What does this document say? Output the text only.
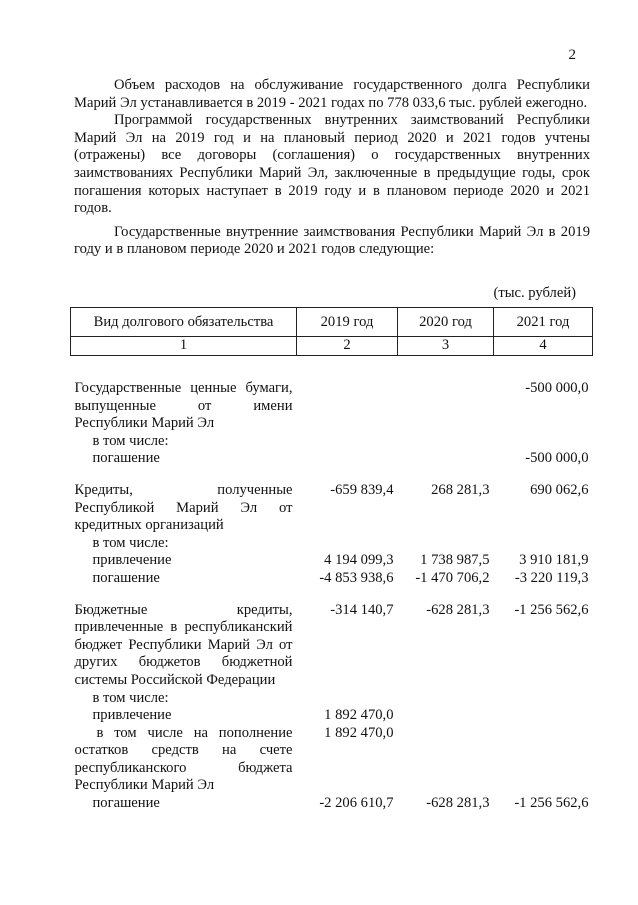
2

Объем расходов на обслуживание государственного долга Республики Марий Эл устанавливается в 2019 - 2021 годах по 778 033,6 тыс. рублей ежегодно.

Программой государственных внутренних заимствований Республики Марий Эл на 2019 год и на плановый период 2020 и 2021 годов учтены (отражены) все договоры (соглашения) о государственных внутренних заимствованиях Республики Марий Эл, заключенные в предыдущие годы, срок погашения которых наступает в 2019 году и в плановом периоде 2020 и 2021 годов.

Государственные внутренние заимствования Республики Марий Эл в 2019 году и в плановом периоде 2020 и 2021 годов следующие:

(тыс. рублей)
Вид долгового обязательства	2019 год	2020 год	2021 год
1	2	3	4
Государственные ценные бумаги, выпущенные от имени Республики Марий Эл			-500 000,0
в том числе:			
погашение			-500 000,0
Кредиты, полученные Республикой Марий Эл от кредитных организаций	-659 839,4	268 281,3	690 062,6
в том числе:			
привлечение	4 194 099,3	1 738 987,5	3 910 181,9
погашение	-4 853 938,6	-1 470 706,2	-3 220 119,3
Бюджетные кредиты, привлеченные в республиканский бюджет Республики Марий Эл от других бюджетов бюджетной системы Российской Федерации	-314 140,7	-628 281,3	-1 256 562,6
в том числе:			
привлечение	1 892 470,0		
в том числе на пополнение остатков средств на счете республиканского бюджета Республики Марий Эл	1 892 470,0		
погашение	-2 206 610,7	-628 281,3	-1 256 562,6
